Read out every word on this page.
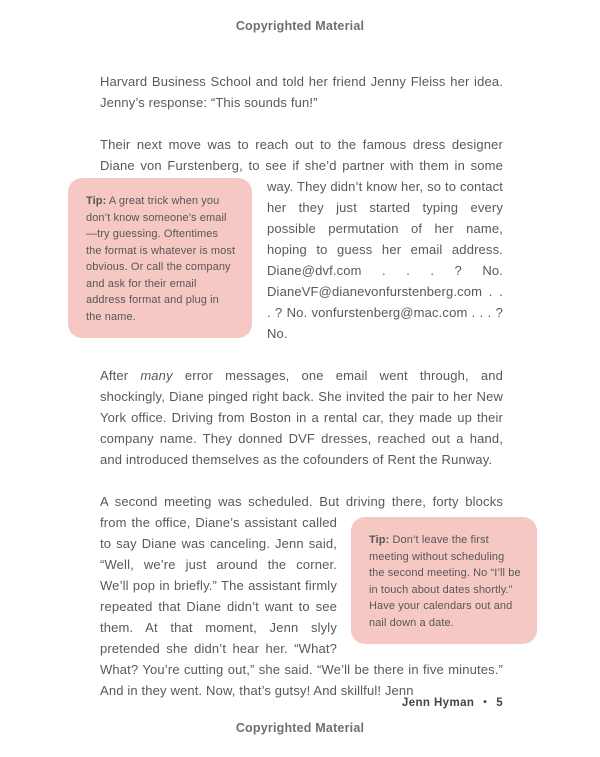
Copyrighted Material

Harvard Business School and told her friend Jenny Fleiss her idea. Jenny’s response: “This sounds fun!”

Their next move was to reach out to the famous dress designer Diane von Furstenberg, to see if she’d partner with them in some way. They
Tip: A great trick when you don’t know someone’s email—try guessing. Oftentimes the format is whatever is most obvious. Or call the company and ask for their email address format and plug in the name.
didn’t know her, so to contact her they just started typing every possible permutation of her name, hoping to guess her email address. Diane@dvf.com . . . ? No. DianeVF@dianevonfurstenberg.com . . . ? No. vonfurstenberg@mac.com . . . ? No.

After many error messages, one email went through, and shockingly, Diane pinged right back. She invited the pair to her New York office. Driving from Boston in a rental car, they made up their company name. They donned DVF dresses, reached out a hand, and introduced themselves as the cofounders of Rent the Runway.

A second meeting was scheduled. But driving there, forty blocks from
Tip: Don’t leave the first meeting without scheduling the second meeting. No “I’ll be in touch about dates shortly.” Have your calendars out and nail down a date.
the office, Diane’s assistant called to say Diane was canceling. Jenn said, “Well, we’re just around the corner. We’ll pop in briefly.” The assistant firmly repeated that Diane didn’t want to see them. At that moment, Jenn slyly pretended she didn’t hear her. “What? What? You’re cutting out,” she said. “We’ll be there in five minutes.” And in they went. Now, that’s gutsy! And skillful! Jenn

Jenn Hyman • 5
Copyrighted Material
